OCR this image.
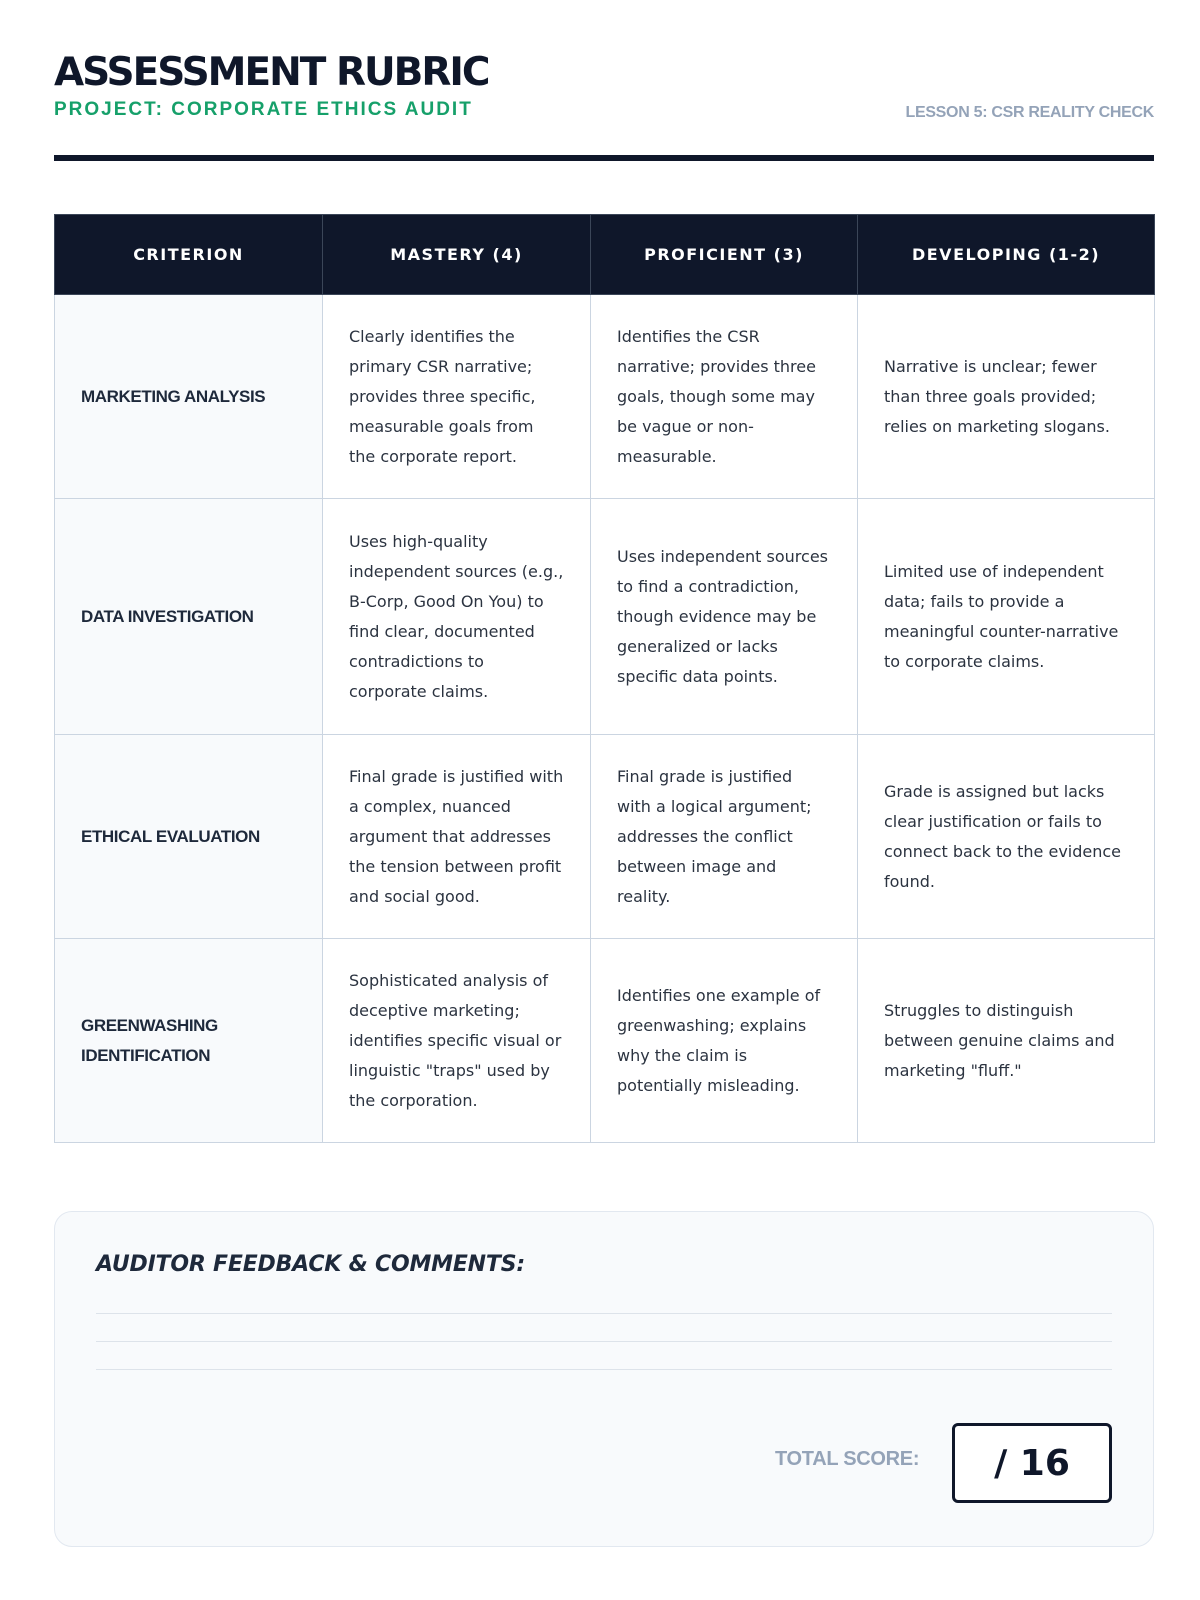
ASSESSMENT RUBRIC
PROJECT: CORPORATE ETHICS AUDIT	LESSON 5: CSR REALITY CHECK
CRITERION	MASTERY (4)	PROFICIENT (3)	DEVELOPING (1-2)
MARKETING ANALYSIS	Clearly identifies the primary CSR narrative; provides three specific, measurable goals from the corporate report.	Identifies the CSR narrative; provides three goals, though some may be vague or non-measurable.	Narrative is unclear; fewer than three goals provided; relies on marketing slogans.
DATA INVESTIGATION	Uses high-quality independent sources (e.g., B-Corp, Good On You) to find clear, documented contradictions to corporate claims.	Uses independent sources to find a contradiction, though evidence may be generalized or lacks specific data points.	Limited use of independent data; fails to provide a meaningful counter-narrative to corporate claims.
ETHICAL EVALUATION	Final grade is justified with a complex, nuanced argument that addresses the tension between profit and social good.	Final grade is justified with a logical argument; addresses the conflict between image and reality.	Grade is assigned but lacks clear justification or fails to connect back to the evidence found.
GREENWASHING IDENTIFICATION	Sophisticated analysis of deceptive marketing; identifies specific visual or linguistic "traps" used by the corporation.	Identifies one example of greenwashing; explains why the claim is potentially misleading.	Struggles to distinguish between genuine claims and marketing "fluff."
AUDITOR FEEDBACK & COMMENTS:
TOTAL SCORE: / 16
